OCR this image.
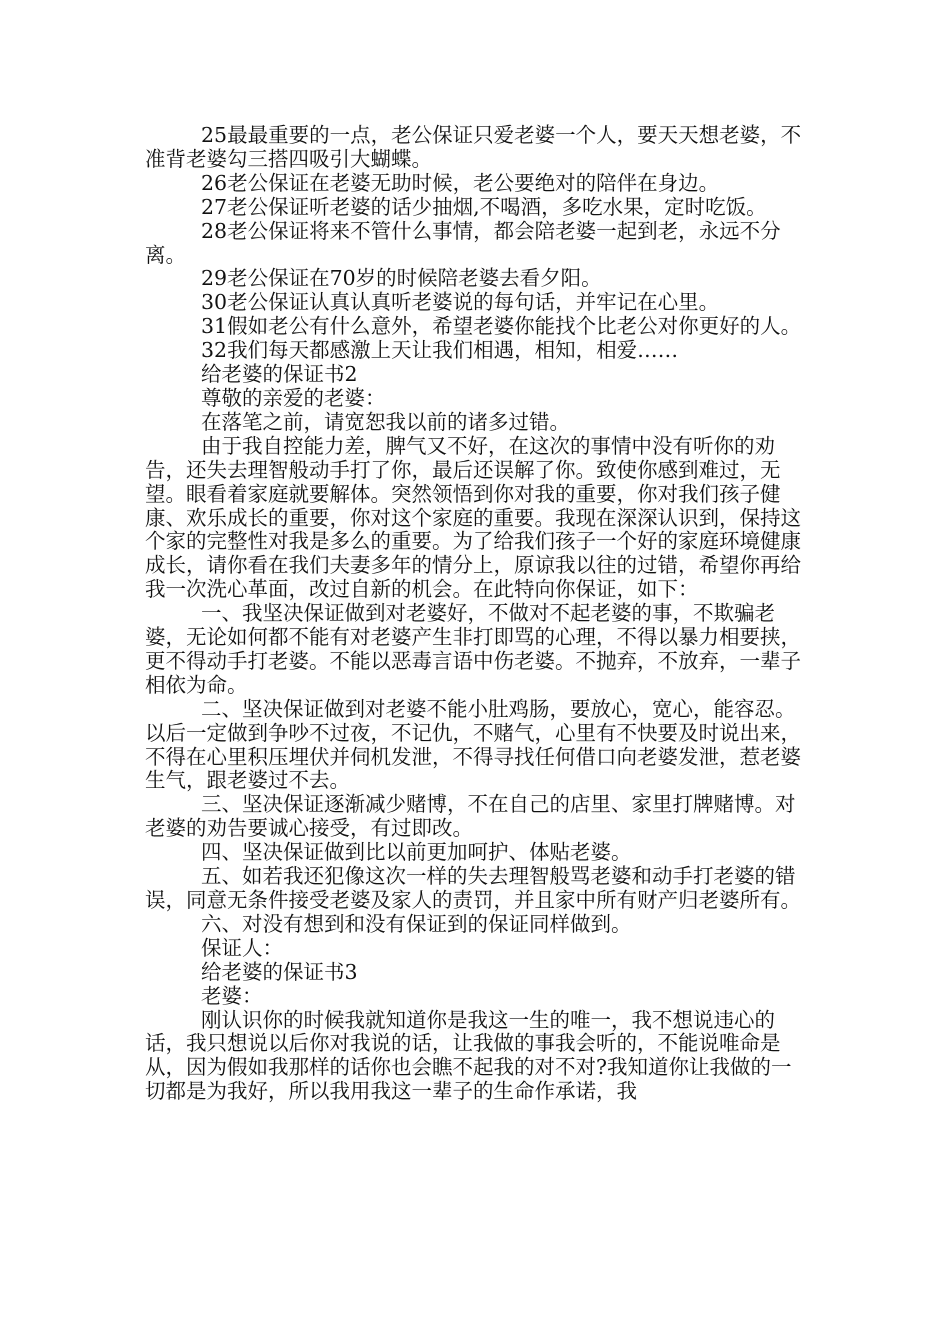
25最最重要的一点，老公保证只爱老婆一个人，要天天想老婆，不准背老婆勾三搭四吸引大蝴蝶。

26老公保证在老婆无助时候，老公要绝对的陪伴在身边。

27老公保证听老婆的话少抽烟,不喝酒，多吃水果，定时吃饭。

28老公保证将来不管什么事情，都会陪老婆一起到老，永远不分离。

29老公保证在70岁的时候陪老婆去看夕阳。

30老公保证认真认真听老婆说的每句话，并牢记在心里。

31假如老公有什么意外，希望老婆你能找个比老公对你更好的人。

32我们每天都感激上天让我们相遇，相知，相爱……

给老婆的保证书2

尊敬的亲爱的老婆：

在落笔之前，请宽恕我以前的诸多过错。

由于我自控能力差，脾气又不好，在这次的事情中没有听你的劝告，还失去理智般动手打了你，最后还误解了你。致使你感到难过，无望。眼看着家庭就要解体。突然领悟到你对我的重要，你对我们孩子健康、欢乐成长的重要，你对这个家庭的重要。我现在深深认识到，保持这个家的完整性对我是多么的重要。为了给我们孩子一个好的家庭环境健康成长，请你看在我们夫妻多年的情分上，原谅我以往的过错，希望你再给我一次洗心革面，改过自新的机会。在此特向你保证，如下：

一、我坚决保证做到对老婆好，不做对不起老婆的事，不欺骗老婆，无论如何都不能有对老婆产生非打即骂的心理，不得以暴力相要挟，更不得动手打老婆。不能以恶毒言语中伤老婆。不抛弃，不放弃，一辈子相依为命。

二、坚决保证做到对老婆不能小肚鸡肠，要放心，宽心，能容忍。以后一定做到争吵不过夜，不记仇，不赌气，心里有不快要及时说出来，不得在心里积压埋伏并伺机发泄，不得寻找任何借口向老婆发泄，惹老婆生气，跟老婆过不去。

三、坚决保证逐渐减少赌博，不在自己的店里、家里打牌赌博。对老婆的劝告要诚心接受，有过即改。

四、坚决保证做到比以前更加呵护、体贴老婆。

五、如若我还犯像这次一样的失去理智般骂老婆和动手打老婆的错误，同意无条件接受老婆及家人的责罚，并且家中所有财产归老婆所有。

六、对没有想到和没有保证到的保证同样做到。

保证人：

给老婆的保证书3

老婆：

刚认识你的时候我就知道你是我这一生的唯一，我不想说违心的话，我只想说以后你对我说的话，让我做的事我会听的，不能说唯命是从，因为假如我那样的话你也会瞧不起我的对不对?我知道你让我做的一切都是为我好，所以我用我这一辈子的生命作承诺，我
